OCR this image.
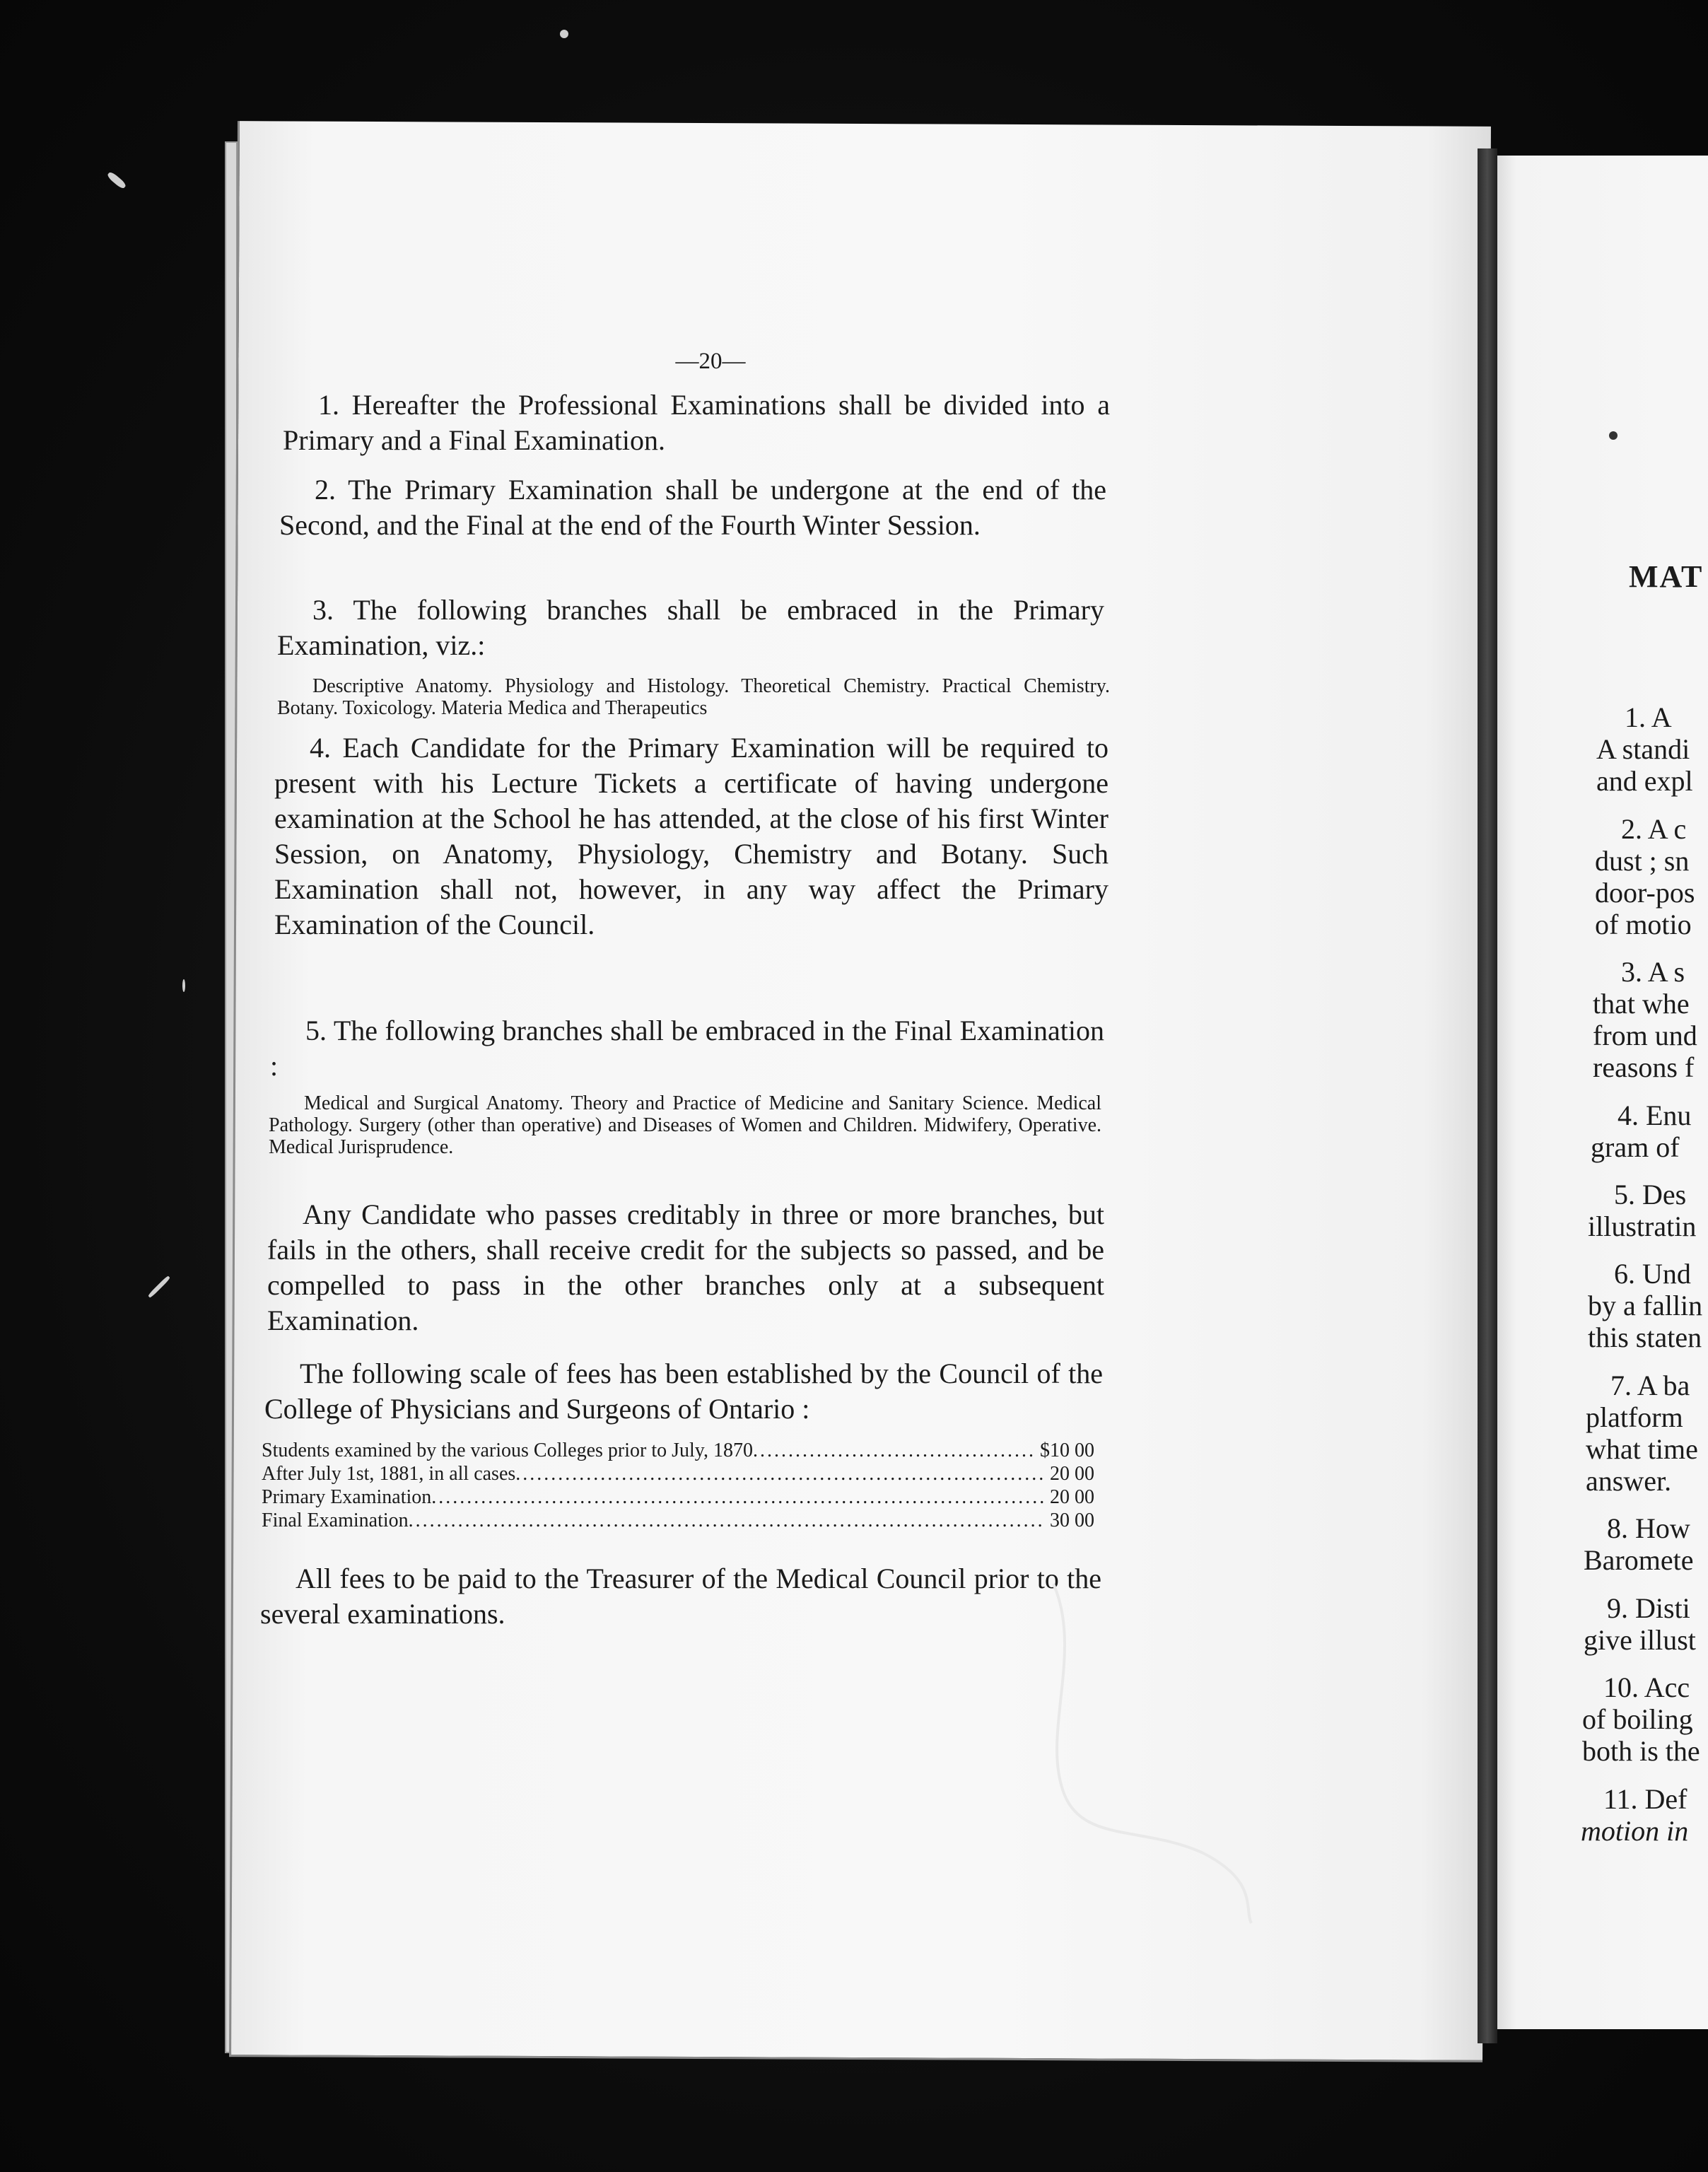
—20—
1. Hereafter the Professional Examinations shall be divided into a Primary and a Final Examination.
2. The Primary Examination shall be undergone at the end of the Second, and the Final at the end of the Fourth Winter Session.
3. The following branches shall be embraced in the Primary Examination, viz.:
Descriptive Anatomy. Physiology and Histology. Theoretical Chemistry. Practical Chemistry. Botany. Toxicology. Materia Medica and Therapeutics
4. Each Candidate for the Primary Examination will be required to present with his Lecture Tickets a certificate of having undergone examination at the School he has attended, at the close of his first Winter Session, on Anatomy, Physiology, Chemistry and Botany. Such Examination shall not, however, in any way affect the Primary Examination of the Council.
5. The following branches shall be embraced in the Final Examination :
Medical and Surgical Anatomy. Theory and Practice of Medicine and Sanitary Science. Medical Pathology. Surgery (other than operative) and Diseases of Women and Children. Midwifery, Operative. Medical Jurisprudence.
Any Candidate who passes creditably in three or more branches, but fails in the others, shall receive credit for the subjects so passed, and be compelled to pass in the other branches only at a subsequent Examination.
The following scale of fees has been established by the Council of the College of Physicians and Surgeons of Ontario :
Students examined by the various Colleges prior to July, 1870 .....	$10 00
After July 1st, 1881, in all cases .....	20 00
Primary Examination .....	20 00
Final Examination .....	30 00
All fees to be paid to the Treasurer of the Medical Council prior to the several examinations.
MAT
1. A
A standi
and expl
2. A c
dust ; sn
door-pos
of motio
3. A s
that whe
from und
reasons f
4. Enu
gram of
5. Des
illustratin
6. Und
by a fallin
this staten
7. A ba
platform
what time
answer.
8. How
Baromete
9. Disti
give illust
10. Acc
of boiling
both is the
11. Def
motion in
